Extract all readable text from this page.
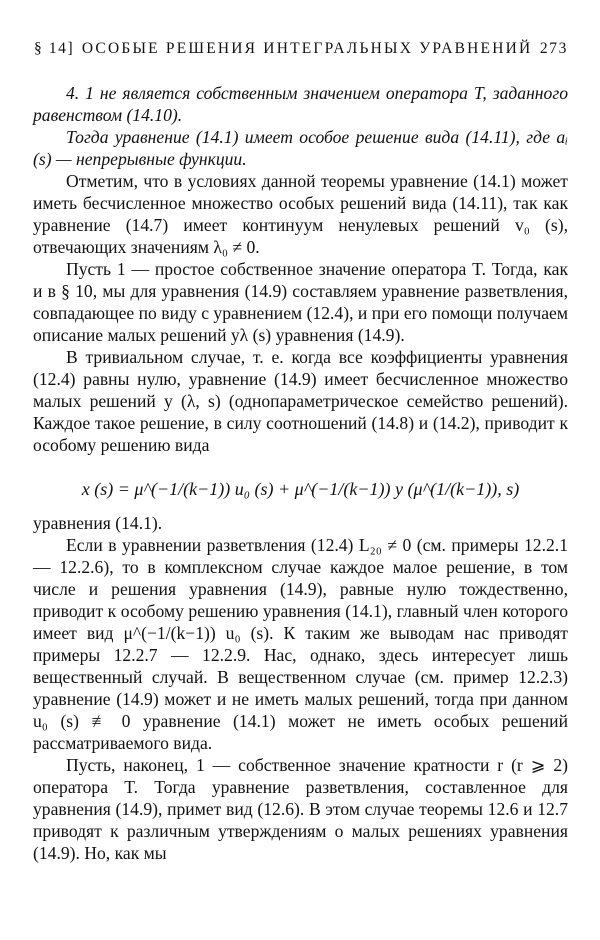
§ 14] ОСОБЫЕ РЕШЕНИЯ ИНТЕГРАЛЬНЫХ УРАВНЕНИЙ 273

4. 1 не является собственным значением оператора T, заданного равенством (14.10).

Тогда уравнение (14.1) имеет особое решение вида (14.11), где aᵢ (s) — непрерывные функции.

Отметим, что в условиях данной теоремы уравнение (14.1) может иметь бесчисленное множество особых решений вида (14.11), так как уравнение (14.7) имеет континуум ненулевых решений v₀ (s), отвечающих значениям λ₀ ≠ 0.

Пусть 1 — простое собственное значение оператора T. Тогда, как и в § 10, мы для уравнения (14.9) составляем уравнение разветвления, совпадающее по виду с уравнением (12.4), и при его помощи получаем описание малых решений yλ (s) уравнения (14.9).

В тривиальном случае, т. е. когда все коэффициенты уравнения (12.4) равны нулю, уравнение (14.9) имеет бесчисленное множество малых решений y (λ, s) (однопараметрическое семейство решений). Каждое такое решение, в силу соотношений (14.8) и (14.2), приводит к особому решению вида

x (s) = μ^(−1/(k−1)) u₀ (s) + μ^(−1/(k−1)) y (μ^(1/(k−1)), s)

уравнения (14.1).

Если в уравнении разветвления (12.4) L₂₀ ≠ 0 (см. примеры 12.2.1 — 12.2.6), то в комплексном случае каждое малое решение, в том числе и решения уравнения (14.9), равные нулю тождественно, приводит к особому решению уравнения (14.1), главный член которого имеет вид μ^(−1/(k−1)) u₀ (s). К таким же выводам нас приводят примеры 12.2.7 — 12.2.9. Нас, однако, здесь интересует лишь вещественный случай. В вещественном случае (см. пример 12.2.3) уравнение (14.9) может и не иметь малых решений, тогда при данном u₀ (s) ≢ 0 уравнение (14.1) может не иметь особых решений рассматриваемого вида.

Пусть, наконец, 1 — собственное значение кратности r (r ⩾ 2) оператора T. Тогда уравнение разветвления, составленное для уравнения (14.9), примет вид (12.6). В этом случае теоремы 12.6 и 12.7 приводят к различным утверждениям о малых решениях уравнения (14.9). Но, как мы
